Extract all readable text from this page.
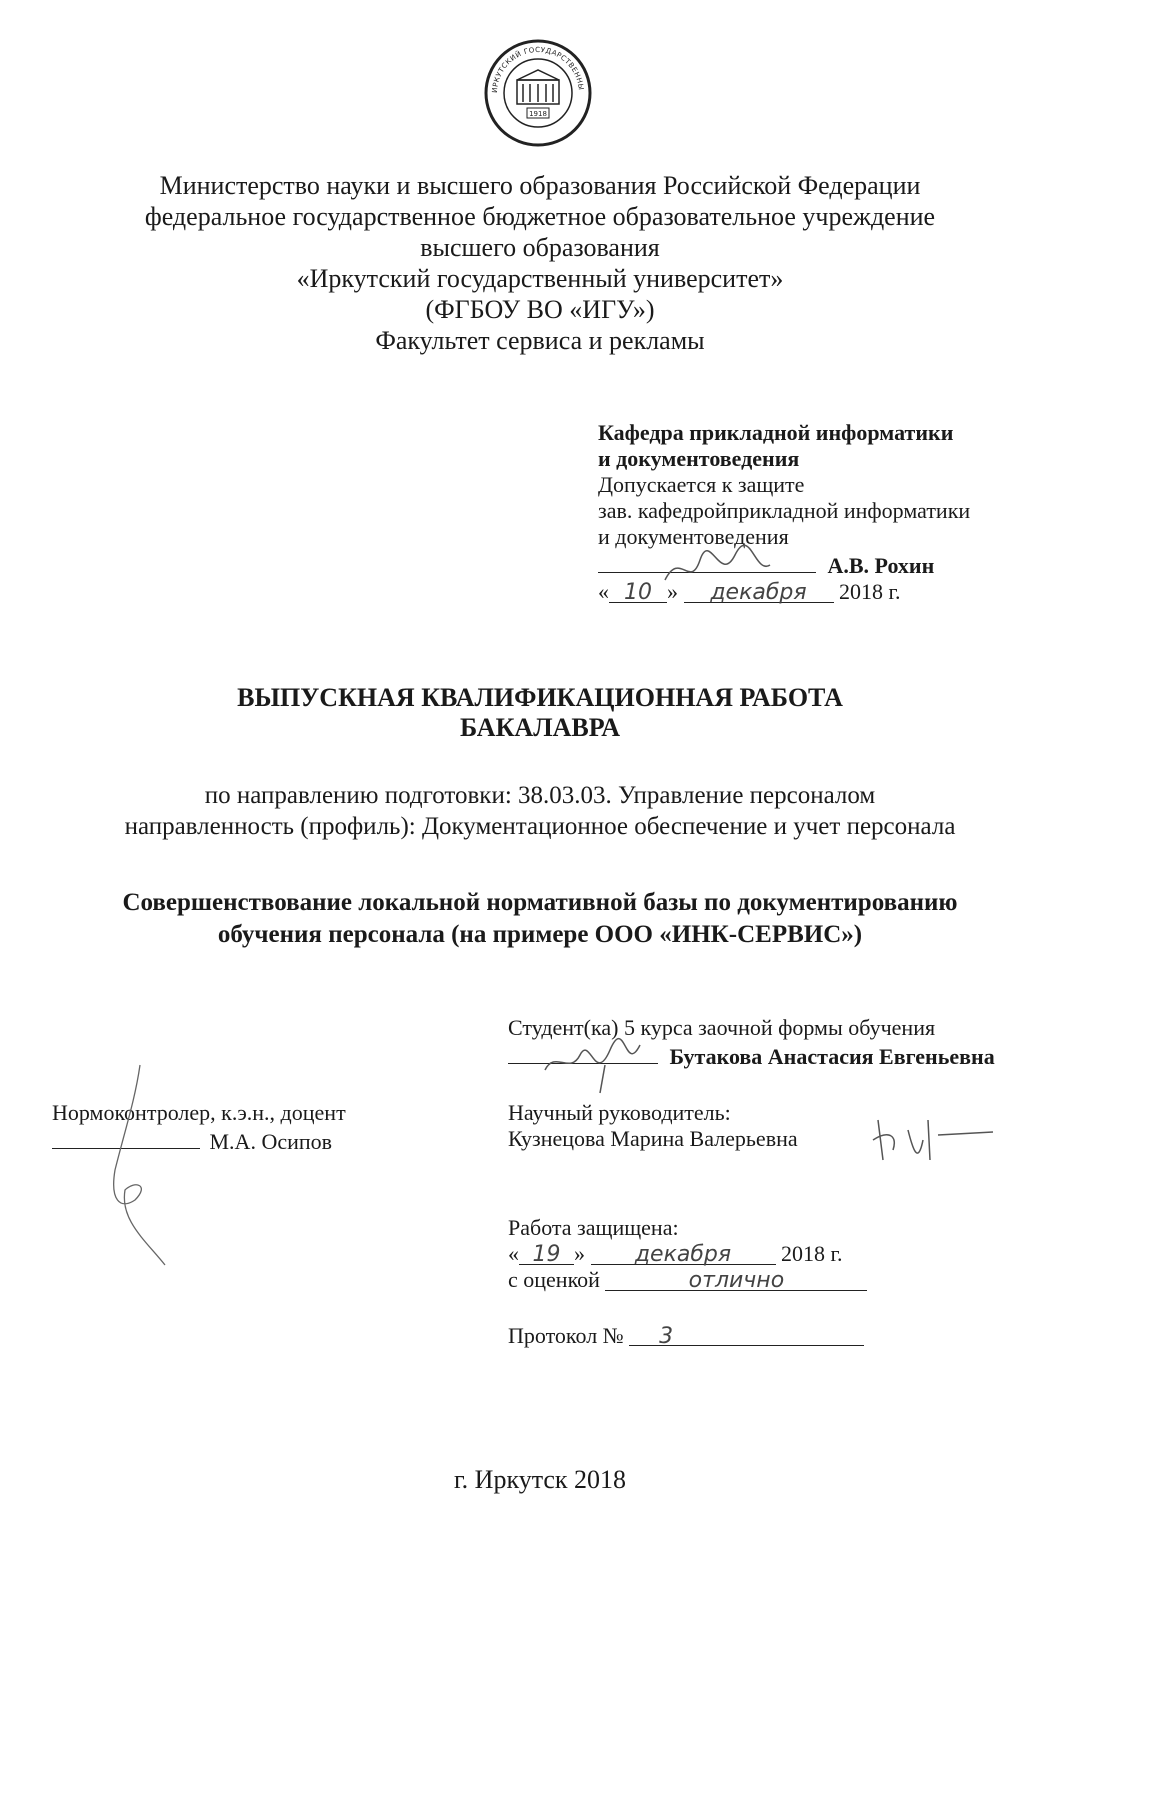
ИРКУТСКИЙ ГОСУДАРСТВЕННЫ
1918
Министерство науки и высшего образования Российской Федерации
федеральное государственное бюджетное образовательное учреждение
высшего образования
«Иркутский государственный университет»
(ФГБОУ ВО «ИГУ»)
Факультет сервиса и рекламы
Кафедра прикладной информатики
и документоведения
Допускается к защите
зав. кафедройприкладной информатики
и документоведения
А.В. Рохин
« 10 » декабря 2018 г.
ВЫПУСКНАЯ КВАЛИФИКАЦИОННАЯ РАБОТА
БАКАЛАВРА
по направлению подготовки: 38.03.03. Управление персоналом
направленность (профиль): Документационное обеспечение и учет персонала
Совершенствование локальной нормативной базы по документированию
обучения персонала (на примере ООО «ИНК-СЕРВИС»)
Студент(ка) 5 курса заочной формы обучения
Бутакова Анастасия Евгеньевна
Нормоконтролер, к.э.н., доцент
М.А. Осипов
Научный руководитель:
Кузнецова Марина Валерьевна
Работа защищена:
« 19 » декабря 2018 г.
с оценкой	отлично
Протокол № 3
г. Иркутск 2018
